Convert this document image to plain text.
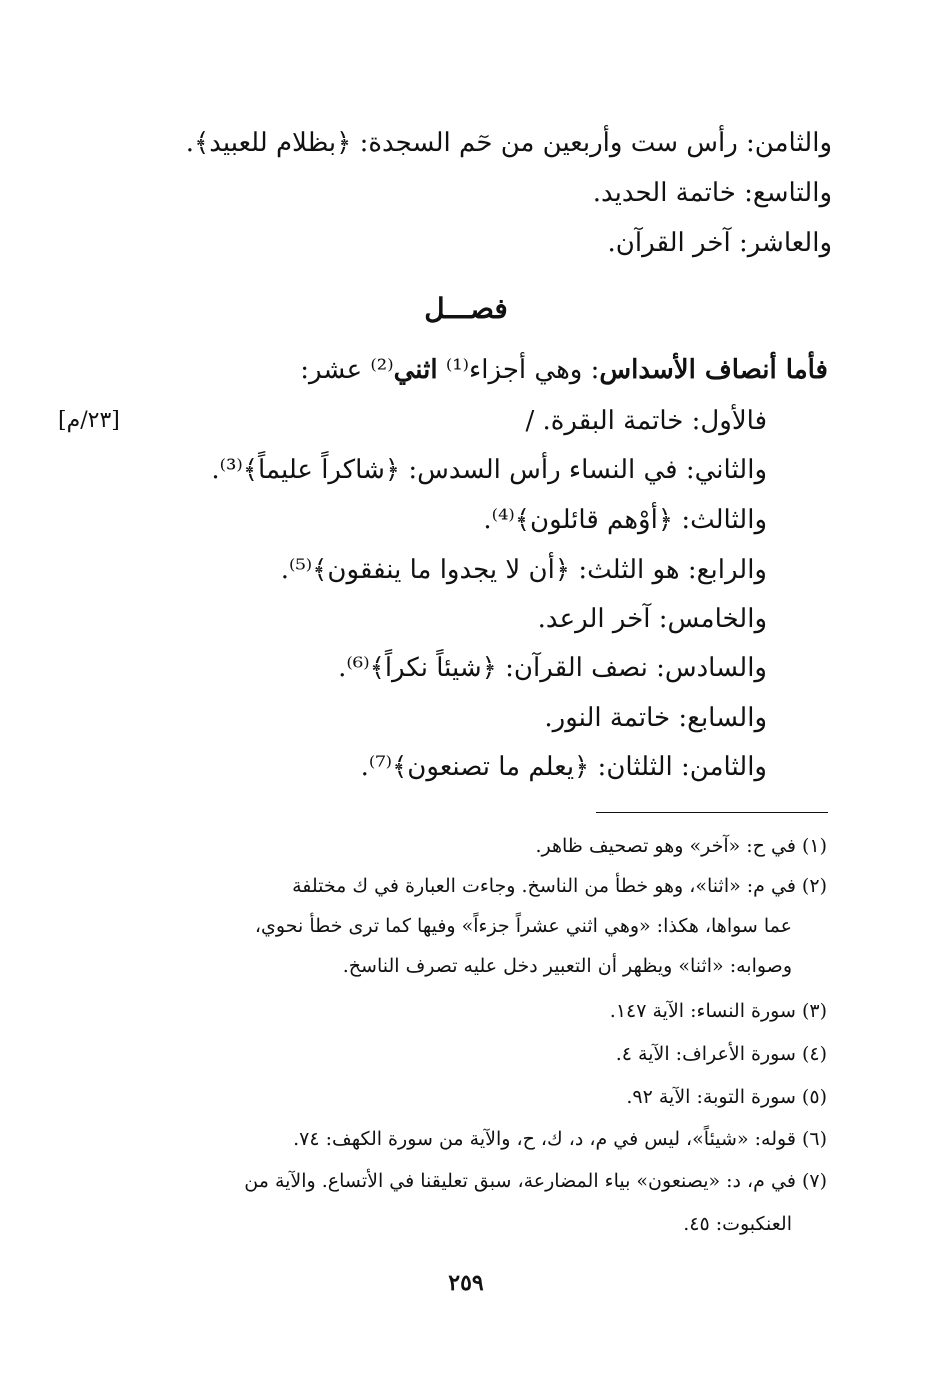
والثامن: رأس ست وأربعين من حٓم السجدة: ﴿بظلام للعبيد﴾.
والتاسع: خاتمة الحديد.
والعاشر: آخر القرآن.
فصـــل
فأما أنصاف الأسداس: وهي أجزاء⁽¹⁾ اثني⁽²⁾ عشر:
[٢٣/م]	فالأول: خاتمة البقرة. /
والثاني: في النساء رأس السدس: ﴿شاكراً عليماً﴾⁽³⁾.
والثالث: ﴿أوْهم قائلون﴾⁽⁴⁾.
والرابع: هو الثلث: ﴿أن لا يجدوا ما ينفقون﴾⁽⁵⁾.
والخامس: آخر الرعد.
والسادس: نصف القرآن: ﴿شيئاً نكراً﴾⁽⁶⁾.
والسابع: خاتمة النور.
والثامن: الثلثان: ﴿يعلم ما تصنعون﴾⁽⁷⁾.
(١) في ح: «آخر» وهو تصحيف ظاهر.
(٢) في م: «اثنا»، وهو خطأ من الناسخ. وجاءت العبارة في ك مختلفة
عما سواها، هكذا: «وهي اثني عشراً جزءاً» وفيها كما ترى خطأ نحوي،
وصوابه: «اثنا» ويظهر أن التعبير دخل عليه تصرف الناسخ.
(٣) سورة النساء: الآية ١٤٧.
(٤) سورة الأعراف: الآية ٤.
(٥) سورة التوبة: الآية ٩٢.
(٦) قوله: «شيئاً»، ليس في م، د، ك، ح، والآية من سورة الكهف: ٧٤.
(٧) في م، د: «يصنعون» بياء المضارعة، سبق تعليقنا في الأتساع. والآية من
العنكبوت: ٤٥.
٢٥٩
